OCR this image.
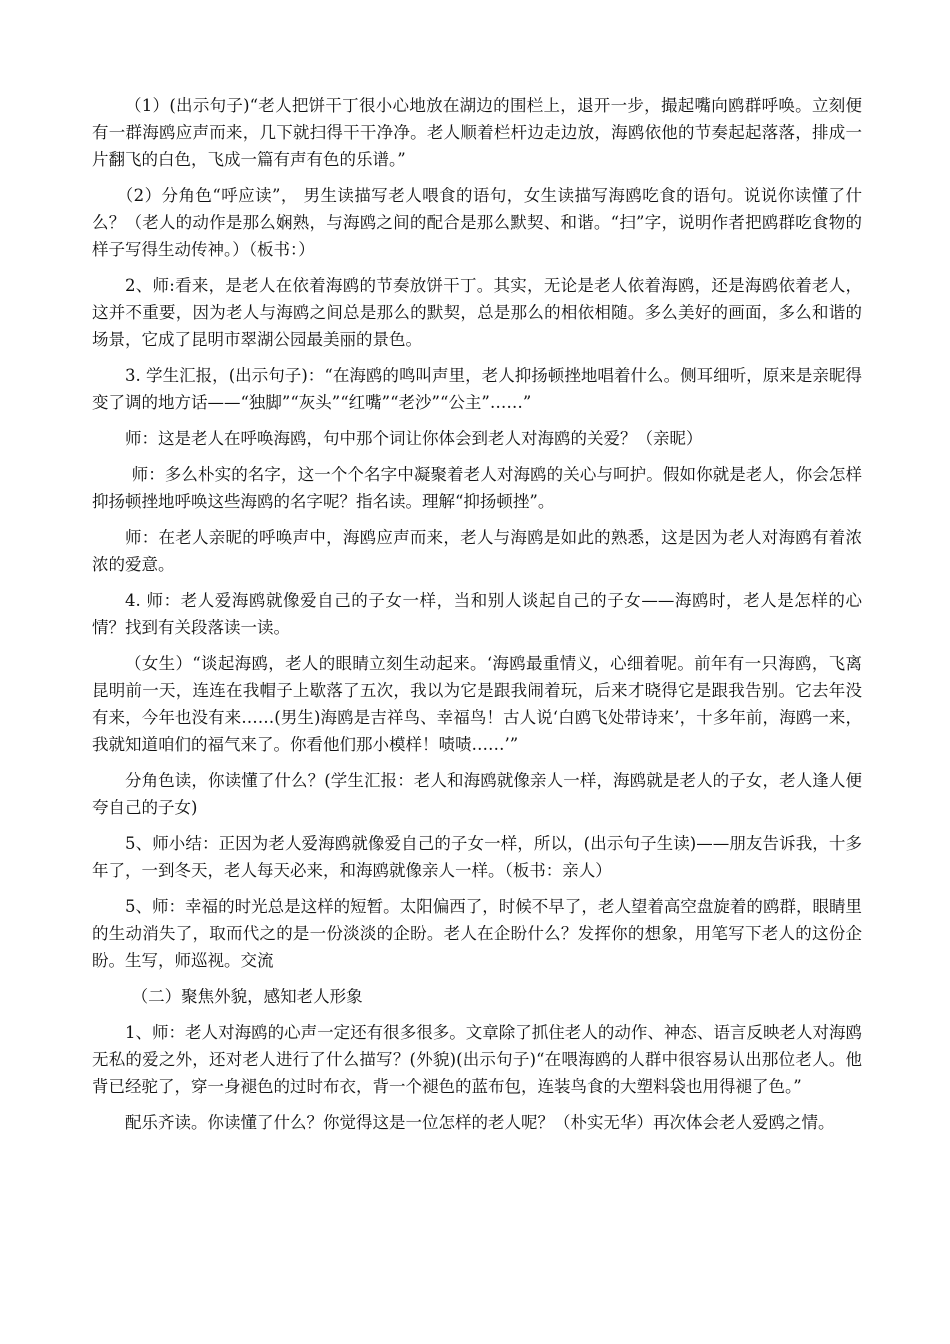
（1）(出示句子)“老人把饼干丁很小心地放在湖边的围栏上，退开一步，撮起嘴向鸥群呼唤。立刻便有一群海鸥应声而来，几下就扫得干干净净。老人顺着栏杆边走边放，海鸥依他的节奏起起落落，排成一片翻飞的白色，飞成一篇有声有色的乐谱。”

（2）分角色“呼应读”， 男生读描写老人喂食的语句，女生读描写海鸥吃食的语句。说说你读懂了什么？（老人的动作是那么娴熟，与海鸥之间的配合是那么默契、和谐。“扫”字，说明作者把鸥群吃食物的样子写得生动传神。）（板书：）

2、师:看来，是老人在依着海鸥的节奏放饼干丁。其实，无论是老人依着海鸥，还是海鸥依着老人，这并不重要，因为老人与海鸥之间总是那么的默契，总是那么的相依相随。多么美好的画面，多么和谐的场景，它成了昆明市翠湖公园最美丽的景色。

3. 学生汇报，(出示句子)：“在海鸥的鸣叫声里，老人抑扬顿挫地唱着什么。侧耳细听，原来是亲昵得变了调的地方话——“独脚”“灰头”“红嘴”“老沙”“公主”……”

师：这是老人在呼唤海鸥，句中那个词让你体会到老人对海鸥的关爱？（亲昵）

师：多么朴实的名字，这一个个名字中凝聚着老人对海鸥的关心与呵护。假如你就是老人，你会怎样抑扬顿挫地呼唤这些海鸥的名字呢？指名读。理解“抑扬顿挫”。

师：在老人亲昵的呼唤声中，海鸥应声而来，老人与海鸥是如此的熟悉，这是因为老人对海鸥有着浓浓的爱意。

4. 师：老人爱海鸥就像爱自己的子女一样，当和别人谈起自己的子女——海鸥时，老人是怎样的心情？找到有关段落读一读。

（女生）“谈起海鸥，老人的眼睛立刻生动起来。‘海鸥最重情义，心细着呢。前年有一只海鸥，飞离昆明前一天，连连在我帽子上歇落了五次，我以为它是跟我闹着玩，后来才晓得它是跟我告别。它去年没有来，今年也没有来……(男生)海鸥是吉祥鸟、幸福鸟！古人说‘白鸥飞处带诗来’，十多年前，海鸥一来，我就知道咱们的福气来了。你看他们那小模样！啧啧……’”

分角色读，你读懂了什么？(学生汇报：老人和海鸥就像亲人一样，海鸥就是老人的子女，老人逢人便夸自己的子女)

5、师小结：正因为老人爱海鸥就像爱自己的子女一样，所以，(出示句子生读)——朋友告诉我，十多年了，一到冬天，老人每天必来，和海鸥就像亲人一样。（板书：亲人）

5、师：幸福的时光总是这样的短暂。太阳偏西了，时候不早了，老人望着高空盘旋着的鸥群，眼睛里的生动消失了，取而代之的是一份淡淡的企盼。老人在企盼什么？发挥你的想象，用笔写下老人的这份企盼。生写，师巡视。交流

（二）聚焦外貌，感知老人形象

1、师：老人对海鸥的心声一定还有很多很多。文章除了抓住老人的动作、神态、语言反映老人对海鸥无私的爱之外，还对老人进行了什么描写？(外貌)(出示句子)“在喂海鸥的人群中很容易认出那位老人。他背已经驼了，穿一身褪色的过时布衣，背一个褪色的蓝布包，连装鸟食的大塑料袋也用得褪了色。”

配乐齐读。你读懂了什么？你觉得这是一位怎样的老人呢？（朴实无华）再次体会老人爱鸥之情。
